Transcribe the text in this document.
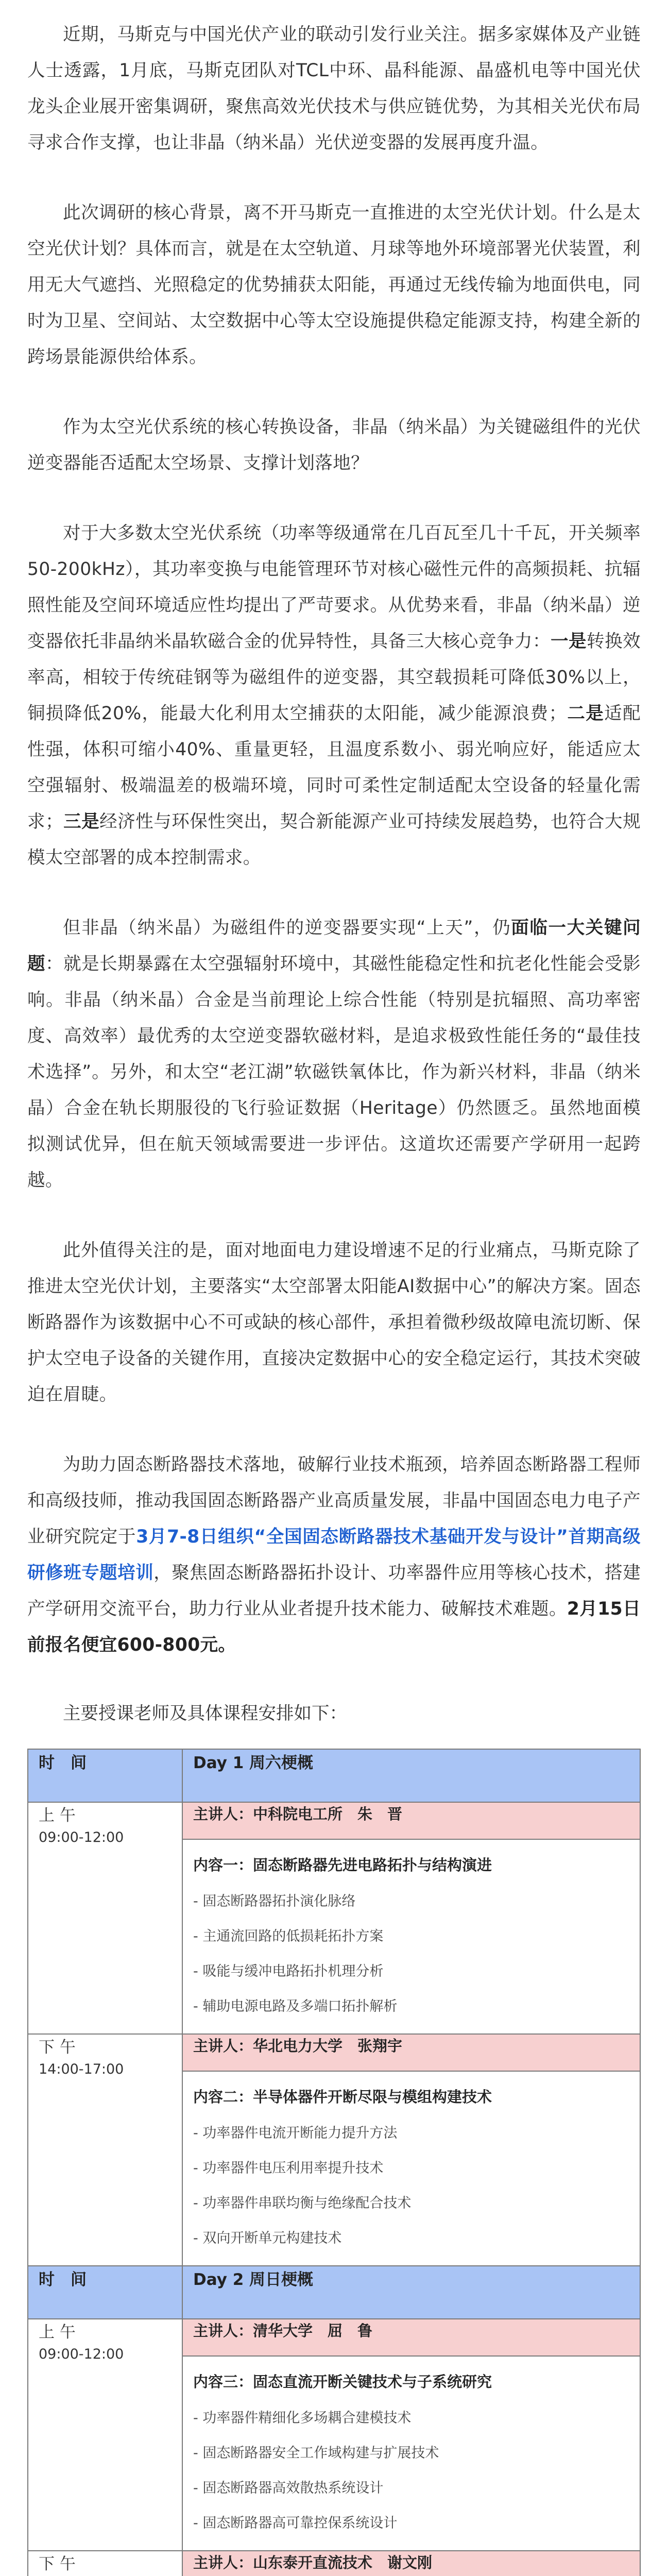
近期，马斯克与中国光伏产业的联动引发行业关注。据多家媒体及产业链人士透露，1月底，马斯克团队对TCL中环、晶科能源、晶盛机电等中国光伏龙头企业展开密集调研，聚焦高效光伏技术与供应链优势，为其相关光伏布局寻求合作支撑，也让非晶（纳米晶）光伏逆变器的发展再度升温。

此次调研的核心背景，离不开马斯克一直推进的太空光伏计划。什么是太空光伏计划？具体而言，就是在太空轨道、月球等地外环境部署光伏装置，利用无大气遮挡、光照稳定的优势捕获太阳能，再通过无线传输为地面供电，同时为卫星、空间站、太空数据中心等太空设施提供稳定能源支持，构建全新的跨场景能源供给体系。

作为太空光伏系统的核心转换设备，非晶（纳米晶）为关键磁组件的光伏逆变器能否适配太空场景、支撑计划落地？

对于大多数太空光伏系统（功率等级通常在几百瓦至几十千瓦，开关频率50-200kHz），其功率变换与电能管理环节对核心磁性元件的高频损耗、抗辐照性能及空间环境适应性均提出了严苛要求。从优势来看，非晶（纳米晶）逆变器依托非晶纳米晶软磁合金的优异特性，具备三大核心竞争力：一是转换效率高，相较于传统硅钢等为磁组件的逆变器，其空载损耗可降低30%以上，铜损降低20%，能最大化利用太空捕获的太阳能，减少能源浪费；二是适配性强，体积可缩小40%、重量更轻，且温度系数小、弱光响应好，能适应太空强辐射、极端温差的极端环境，同时可柔性定制适配太空设备的轻量化需求；三是经济性与环保性突出，契合新能源产业可持续发展趋势，也符合大规模太空部署的成本控制需求。

但非晶（纳米晶）为磁组件的逆变器要实现“上天”，仍面临一大关键问题：就是长期暴露在太空强辐射环境中，其磁性能稳定性和抗老化性能会受影响。非晶（纳米晶）合金是当前理论上综合性能（特别是抗辐照、高功率密度、高效率）最优秀的太空逆变器软磁材料，是追求极致性能任务的“最佳技术选择”。另外，和太空“老江湖”软磁铁氧体比，作为新兴材料，非晶（纳米晶）合金在轨长期服役的飞行验证数据（Heritage）仍然匮乏。虽然地面模拟测试优异，但在航天领域需要进一步评估。这道坎还需要产学研用一起跨越。

此外值得关注的是，面对地面电力建设增速不足的行业痛点，马斯克除了推进太空光伏计划，主要落实“太空部署太阳能AI数据中心”的解决方案。固态断路器作为该数据中心不可或缺的核心部件，承担着微秒级故障电流切断、保护太空电子设备的关键作用，直接决定数据中心的安全稳定运行，其技术突破迫在眉睫。

为助力固态断路器技术落地，破解行业技术瓶颈，培养固态断路器工程师和高级技师，推动我国固态断路器产业高质量发展，非晶中国固态电力电子产业研究院定于3月7-8日组织“全国固态断路器技术基础开发与设计”首期高级研修班专题培训，聚焦固态断路器拓扑设计、功率器件应用等核心技术，搭建产学研用交流平台，助力行业从业者提升技术能力、破解技术难题。2月15日前报名便宜600-800元。

主要授课老师及具体课程安排如下：

时　间	Day 1 周六梗概

上 午
09:00-12:00	主讲人：中科院电工所　朱　晋

	内容一：固态断路器先进电路拓扑与结构演进
- 固态断路器拓扑演化脉络
- 主通流回路的低损耗拓扑方案
- 吸能与缓冲电路拓扑机理分析
- 辅助电源电路及多端口拓扑解析

下 午
14:00-17:00	主讲人：华北电力大学　张翔宇

	内容二：半导体器件开断尽限与模组构建技术
- 功率器件电流开断能力提升方法
- 功率器件电压利用率提升技术
- 功率器件串联均衡与绝缘配合技术
- 双向开断单元构建技术

时　间	Day 2 周日梗概

上 午
09:00-12:00	主讲人：清华大学　屈　鲁

	内容三：固态直流开断关键技术与子系统研究
- 功率器件精细化多场耦合建模技术
- 固态断路器安全工作域构建与扩展技术
- 固态断路器高效散热系统设计
- 固态断路器高可靠控保系统设计

下 午	主讲人：山东泰开直流技术　谢文刚
